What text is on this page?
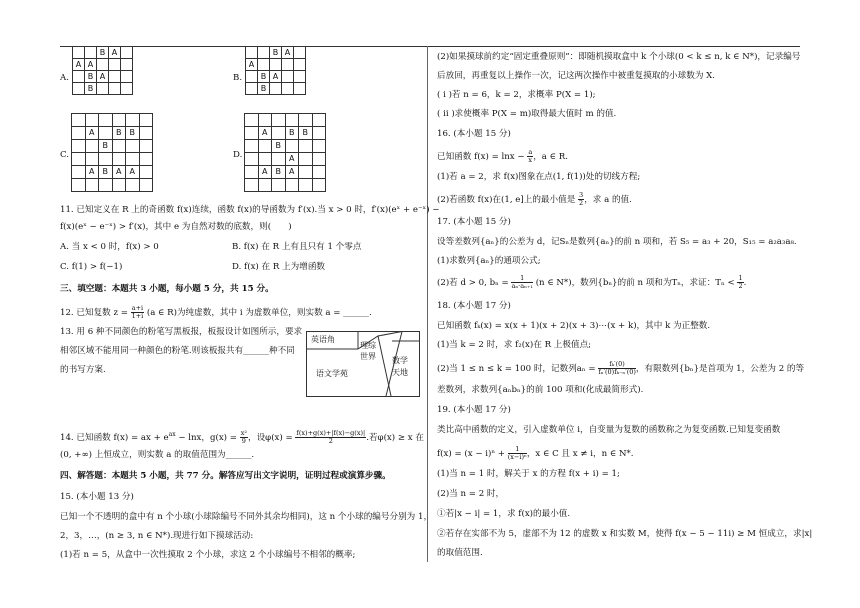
A.
		B	A	
A	A			
	B	A		
	B			
B.
		B	A	
A				
	B	A		
	B			
C.

	A		B	B	
		B			

	A	B	A	A	

D.

	A		B	B	
		B			
			A		
	A	B	A		

11. 已知定义在 R 上的奇函数 f(x)连续，函数 f(x)的导函数为 f′(x).当 x > 0 时，f′(x)(eˣ + e⁻ˣ) −
f(x)(eˣ − e⁻ˣ) > f′(x)，其中 e 为自然对数的底数，则(　　)
A. 当 x < 0 时，f(x) > 0	B. f(x) 在 R 上有且只有 1 个零点
C. f(1) > f(−1)	D. f(x) 在 R 上为增函数
三、填空题：本题共 3 小题，每小题 5 分，共 15 分。
12. 已知复数 $z = \frac{a+i}{1+i} (a$ ∈ R)为纯虚数，其中 i 为虚数单位，则实数 a = ______.
13. 用 6 种不同颜色的粉笔写黑板报，板报设计如图所示，要求
相邻区域不能用同一种颜色的粉笔.则该板报共有______种不同
的书写方案.
英语角
理综
世界
语文学苑
数学
天地
14. 已知函数 f(x) = ax + $e^{ax} - \ln x$，$g(x) = \frac{\text{x²}}{9}$ ，设$\varphi(x) = \frac{f(x)+g(x)+|f(x)-g(x)|}{2}$ .若φ(x) ≥ x 在
(0, +∞) 上恒成立，则实数 a 的取值范围为______.
四、解答题：本题共 5 小题，共 77 分。解答应写出文字说明，证明过程或演算步骤。
15. (本小题 13 分)
已知一个不透明的盒中有 n 个小球(小球除编号不同外其余均相同)，这 n 个小球的编号分别为 1，
2，3，…，(n ≥ 3, n ∈ N*).现进行如下摸球活动:
(1)若 n = 5，从盒中一次性摸取 2 个小球，求这 2 个小球编号不相邻的概率;
(2)如果摸球前约定“固定重叠原则”：即随机摸取盒中 k 个小球(0 < k ≤ n, k ∈ N*)，记录编号
后放回，再重复以上操作一次，记这两次操作中被重复摸取的小球数为 X.
( i )若 n = 6，k = 2，求概率 P(X = 1);
( ii )求使概率 P(X = m)取得最大值时 m 的值.
16. (本小题 15 分)
已知函数 $f(x) = \ln x - \frac{a}{x}$ ，a ∈ R.
(1)若 a = 2，求 f(x)图象在点(1, f(1))处的切线方程;
(2)若函数 f(x)在(1, e]上的最小值是 $\frac{3}{2}$ ，求 a 的值.
17. (本小题 15 分)
设等差数列{aₙ}的公差为 d，记Sₙ是数列{aₙ}的前 n 项和，若 S₅ = a₃ + 20，S₁₅ = a₂a₃a₈.
(1)求数列{aₙ}的通项公式;
(2)若 d > 0, $b_n = \frac{1}{\text{aₙ·aₙ₊₁}} (n$ ∈ N*)，数列{bₙ}的前 n 项和为Tₙ，求证：$T_n < \frac{1}{2}$ .
18. (本小题 17 分)
已知函数 fₖ(x) = x(x + 1)(x + 2)(x + 3)⋯(x + k)，其中 k 为正整数.
(1)当 k = 2 时，求 f₂(x)在 R 上极值点;
(2)当 1 ≤ n ≤ k = 100 时，记数列$a_n = \frac{\text{fₖ′(0)}}{\text{fₙ′(0)fₖ₋ₙ′(0)}}$ ，有限数列{bₙ}是首项为 1，公差为 2 的等
差数列，求数列{aₙbₙ}的前 100 项和(化成最简形式).
19. (本小题 17 分)
类比高中函数的定义，引入虚数单位 i，自变量为复数的函数称之为复变函数.已知复变函数
$f(x) = (x - i)^n + \frac{1}{\text{(x−i)ⁿ}}$ ，x ∈ C 且 x ≠ i，n ∈ N*.
(1)当 n = 1 时，解关于 x 的方程 f(x + i) = 1;
(2)当 n = 2 时，
①若|x − i| = 1，求 f(x)的最小值.
②若存在实部不为 5，虚部不为 12 的虚数 x 和实数 M，使得 f(x − 5 − 11i) ≥ M 恒成立，求|x|
的取值范围.
